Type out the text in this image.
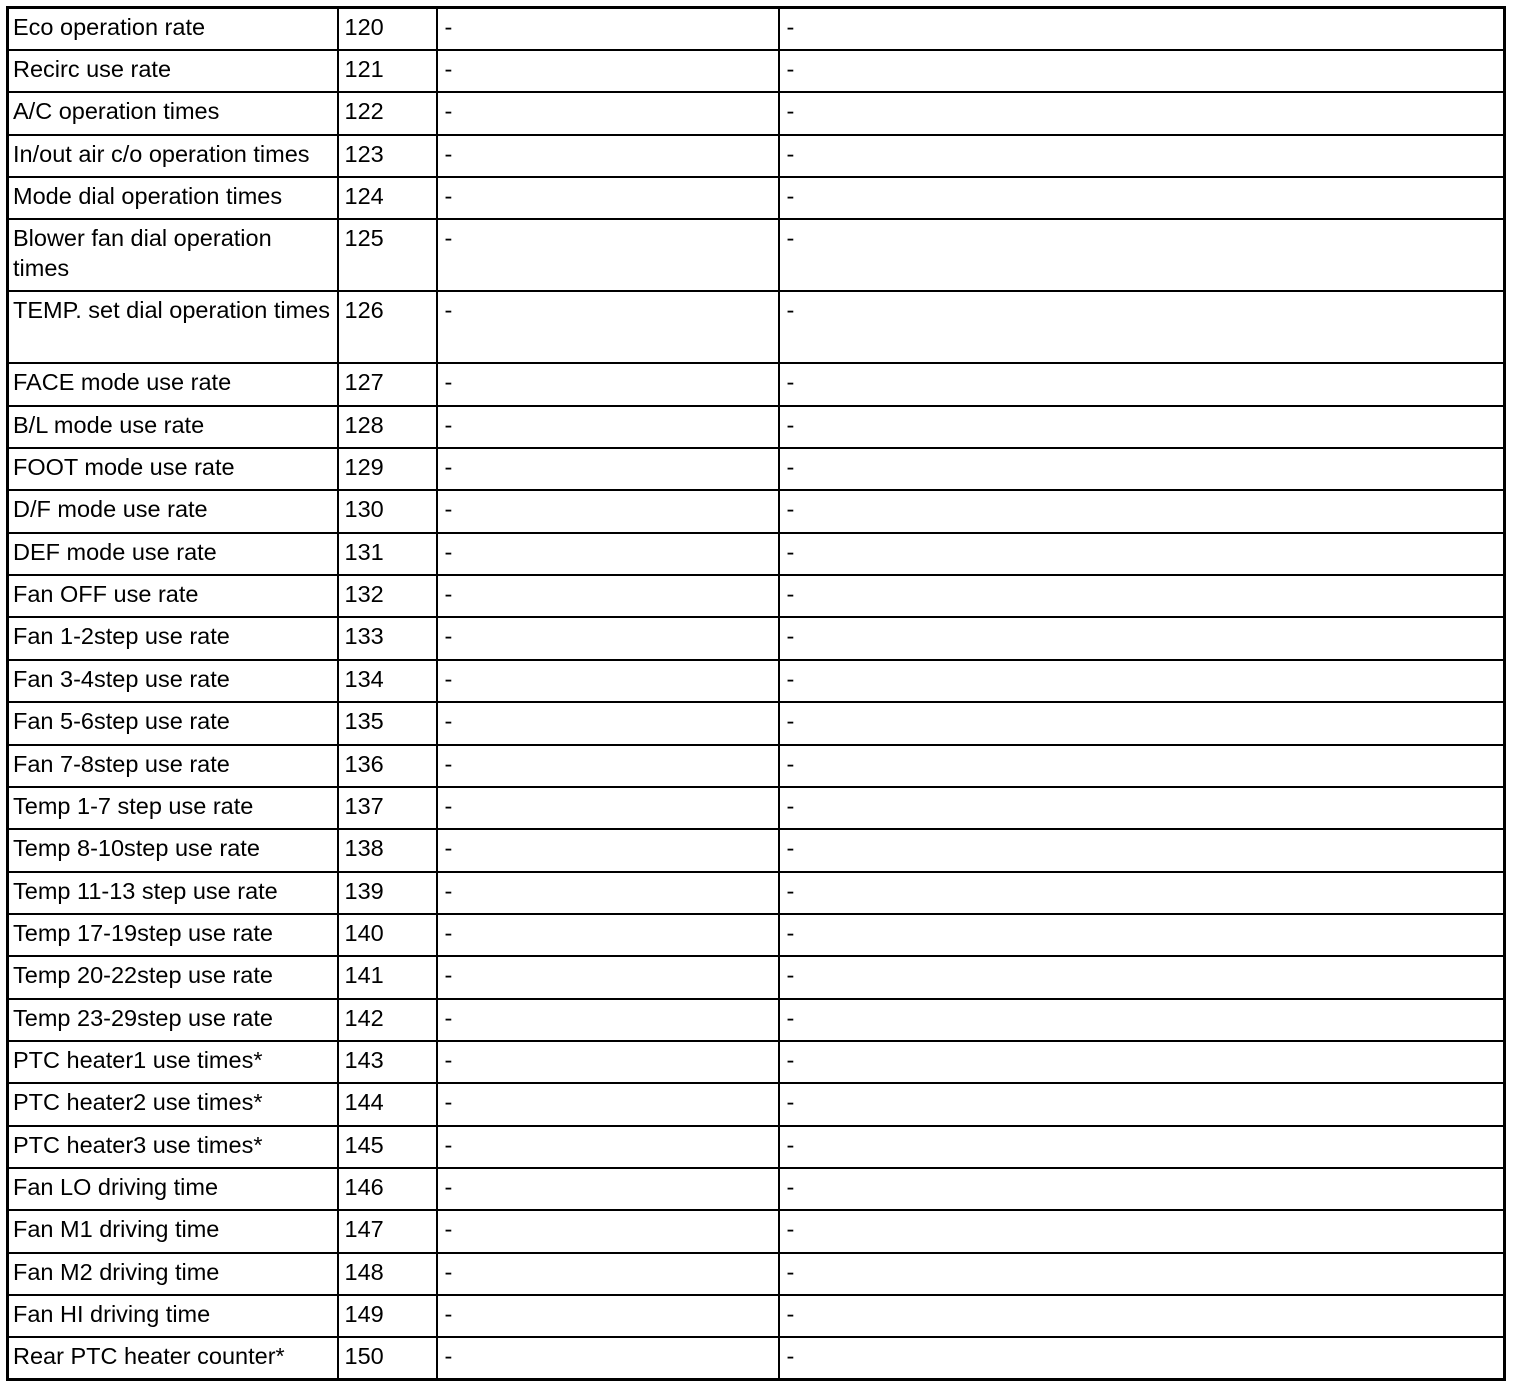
Eco operation rate	120	-	-
Recirc use rate	121	-	-
A/C operation times	122	-	-
In/out air c/o operation times	123	-	-
Mode dial operation times	124	-	-
Blower fan dial operation times	125	-	-
TEMP. set dial operation times	126	-	-
FACE mode use rate	127	-	-
B/L mode use rate	128	-	-
FOOT mode use rate	129	-	-
D/F mode use rate	130	-	-
DEF mode use rate	131	-	-
Fan OFF use rate	132	-	-
Fan 1-2step use rate	133	-	-
Fan 3-4step use rate	134	-	-
Fan 5-6step use rate	135	-	-
Fan 7-8step use rate	136	-	-
Temp 1-7 step use rate	137	-	-
Temp 8-10step use rate	138	-	-
Temp 11-13 step use rate	139	-	-
Temp 17-19step use rate	140	-	-
Temp 20-22step use rate	141	-	-
Temp 23-29step use rate	142	-	-
PTC heater1 use times*	143	-	-
PTC heater2 use times*	144	-	-
PTC heater3 use times*	145	-	-
Fan LO driving time	146	-	-
Fan M1 driving time	147	-	-
Fan M2 driving time	148	-	-
Fan HI driving time	149	-	-
Rear PTC heater counter*	150	-	-
